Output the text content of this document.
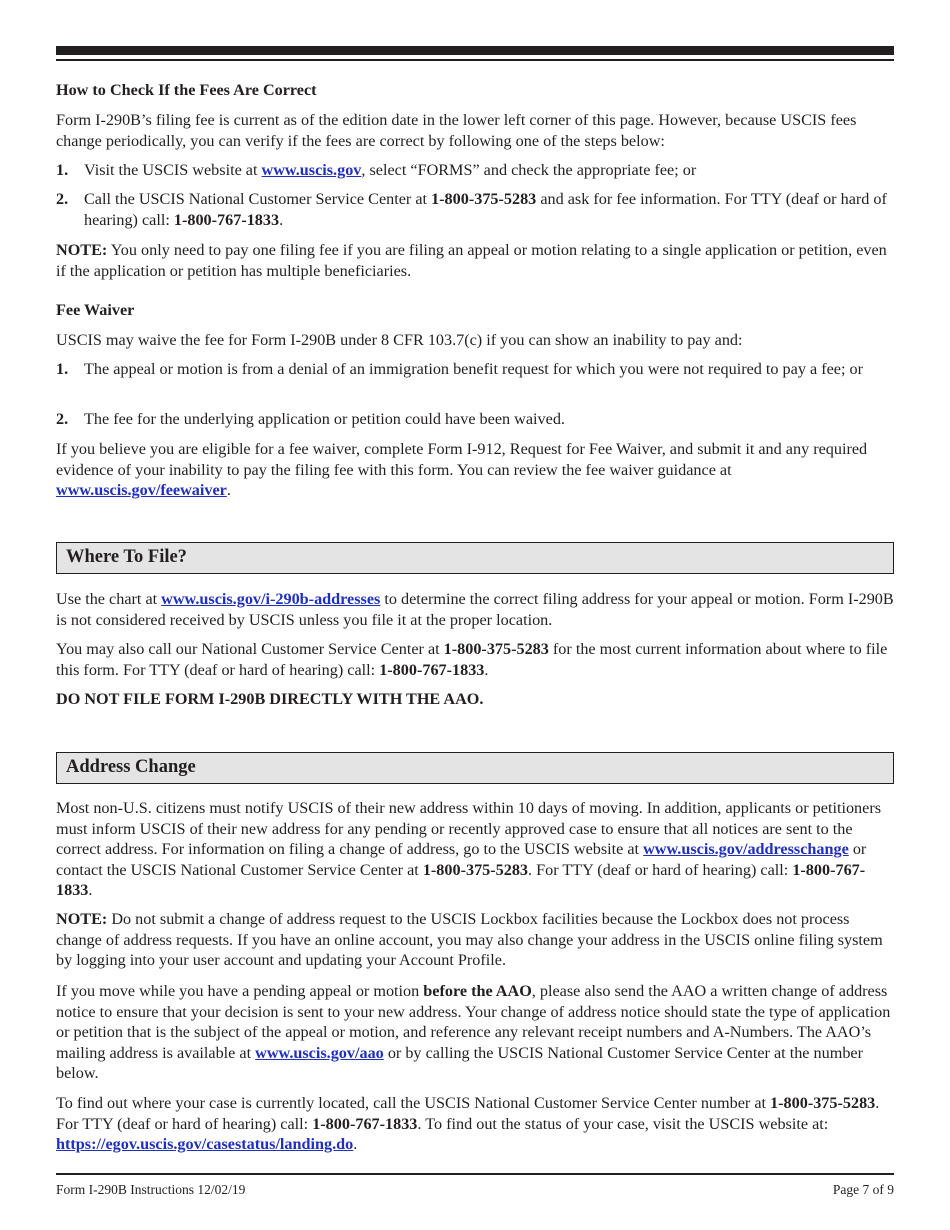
How to Check If the Fees Are Correct

Form I-290B’s filing fee is current as of the edition date in the lower left corner of this page. However, because USCIS fees change periodically, you can verify if the fees are correct by following one of the steps below:

1. Visit the USCIS website at www.uscis.gov, select “FORMS” and check the appropriate fee; or
2. Call the USCIS National Customer Service Center at 1-800-375-5283 and ask for fee information. For TTY (deaf or hard of hearing) call: 1-800-767-1833.

NOTE: You only need to pay one filing fee if you are filing an appeal or motion relating to a single application or petition, even if the application or petition has multiple beneficiaries.

Fee Waiver

USCIS may waive the fee for Form I-290B under 8 CFR 103.7(c) if you can show an inability to pay and:

1. The appeal or motion is from a denial of an immigration benefit request for which you were not required to pay a fee; or
2. The fee for the underlying application or petition could have been waived.

If you believe you are eligible for a fee waiver, complete Form I-912, Request for Fee Waiver, and submit it and any required evidence of your inability to pay the filing fee with this form. You can review the fee waiver guidance at www.uscis.gov/feewaiver.

Where To File?

Use the chart at www.uscis.gov/i-290b-addresses to determine the correct filing address for your appeal or motion. Form I-290B is not considered received by USCIS unless you file it at the proper location.

You may also call our National Customer Service Center at 1-800-375-5283 for the most current information about where to file this form. For TTY (deaf or hard of hearing) call: 1-800-767-1833.

DO NOT FILE FORM I-290B DIRECTLY WITH THE AAO.

Address Change

Most non-U.S. citizens must notify USCIS of their new address within 10 days of moving. In addition, applicants or petitioners must inform USCIS of their new address for any pending or recently approved case to ensure that all notices are sent to the correct address. For information on filing a change of address, go to the USCIS website at www.uscis.gov/addresschange or contact the USCIS National Customer Service Center at 1-800-375-5283. For TTY (deaf or hard of hearing) call: 1-800-767-1833.

NOTE: Do not submit a change of address request to the USCIS Lockbox facilities because the Lockbox does not process change of address requests. If you have an online account, you may also change your address in the USCIS online filing system by logging into your user account and updating your Account Profile.

If you move while you have a pending appeal or motion before the AAO, please also send the AAO a written change of address notice to ensure that your decision is sent to your new address. Your change of address notice should state the type of application or petition that is the subject of the appeal or motion, and reference any relevant receipt numbers and A-Numbers. The AAO’s mailing address is available at www.uscis.gov/aao or by calling the USCIS National Customer Service Center at the number below.

To find out where your case is currently located, call the USCIS National Customer Service Center number at 1-800-375-5283. For TTY (deaf or hard of hearing) call: 1-800-767-1833. To find out the status of your case, visit the USCIS website at: https://egov.uscis.gov/casestatus/landing.do.

Form I-290B Instructions 12/02/19	Page 7 of 9
